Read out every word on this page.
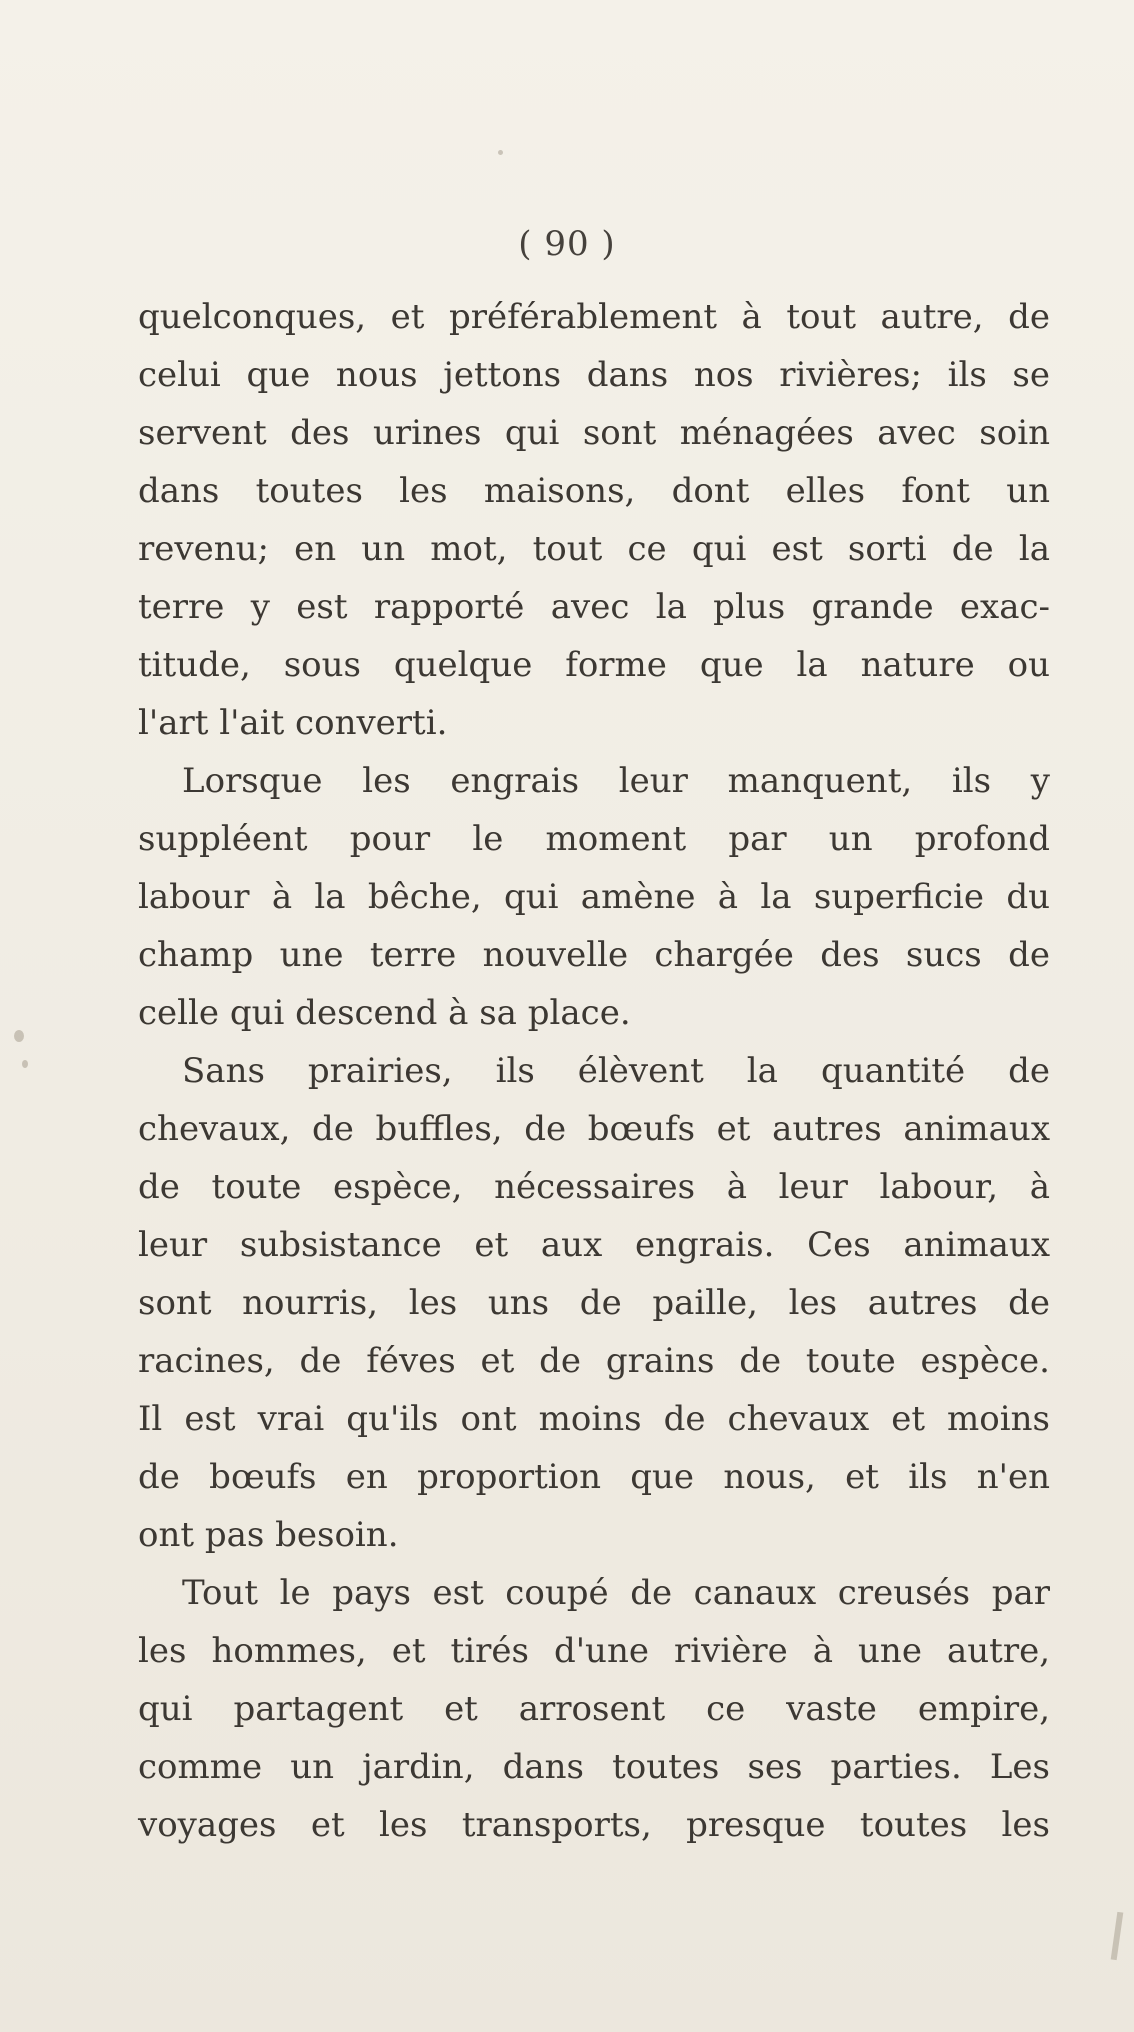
( 90 )
quelconques, et préférablement à tout autre, de
celui que nous jettons dans nos rivières; ils se
servent des urines qui sont ménagées avec soin
dans toutes les maisons, dont elles font un
revenu; en un mot, tout ce qui est sorti de la
terre y est rapporté avec la plus grande exac-
titude, sous quelque forme que la nature ou
l'art l'ait converti.
Lorsque les engrais leur manquent, ils y
suppléent pour le moment par un profond
labour à la bêche, qui amène à la superficie du
champ une terre nouvelle chargée des sucs de
celle qui descend à sa place.
Sans prairies, ils élèvent la quantité de
chevaux, de buffles, de bœufs et autres animaux
de toute espèce, nécessaires à leur labour, à
leur subsistance et aux engrais. Ces animaux
sont nourris, les uns de paille, les autres de
racines, de féves et de grains de toute espèce.
Il est vrai qu'ils ont moins de chevaux et moins
de bœufs en proportion que nous, et ils n'en
ont pas besoin.
Tout le pays est coupé de canaux creusés par
les hommes, et tirés d'une rivière à une autre,
qui partagent et arrosent ce vaste empire,
comme un jardin, dans toutes ses parties. Les
voyages et les transports, presque toutes les
